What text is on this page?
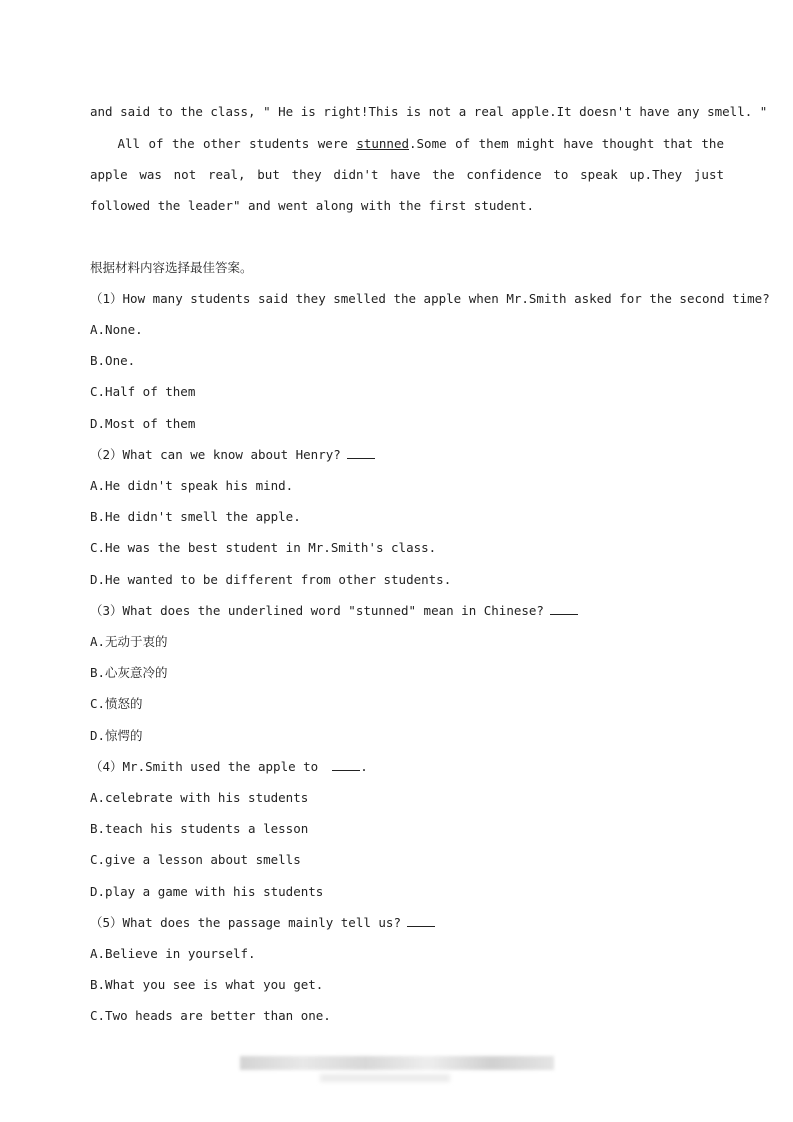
and said to the class, " He is right!This is not a real apple.It doesn't have any smell. "
All of the other students were stunned.Some of them might have thought that the apple was not real, but they didn't have the confidence to speak up.They just followed the leader" and went along with the first student.
根据材料内容选择最佳答案。
（1）How many students said they smelled the apple when Mr.Smith asked for the second time?
A.None.
B.One.
C.Half of them
D.Most of them
（2）What can we know about Henry?
A.He didn't speak his mind.
B.He didn't smell the apple.
C.He was the best student in Mr.Smith's class.
D.He wanted to be different from other students.
（3）What does the underlined word "stunned" mean in Chinese?
A.无动于衷的
B.心灰意冷的
C.愤怒的
D.惊愕的
（4）Mr.Smith used the apple to	.
A.celebrate with his students
B.teach his students a lesson
C.give a lesson about smells
D.play a game with his students
（5）What does the passage mainly tell us?
A.Believe in yourself.
B.What you see is what you get.
C.Two heads are better than one.
